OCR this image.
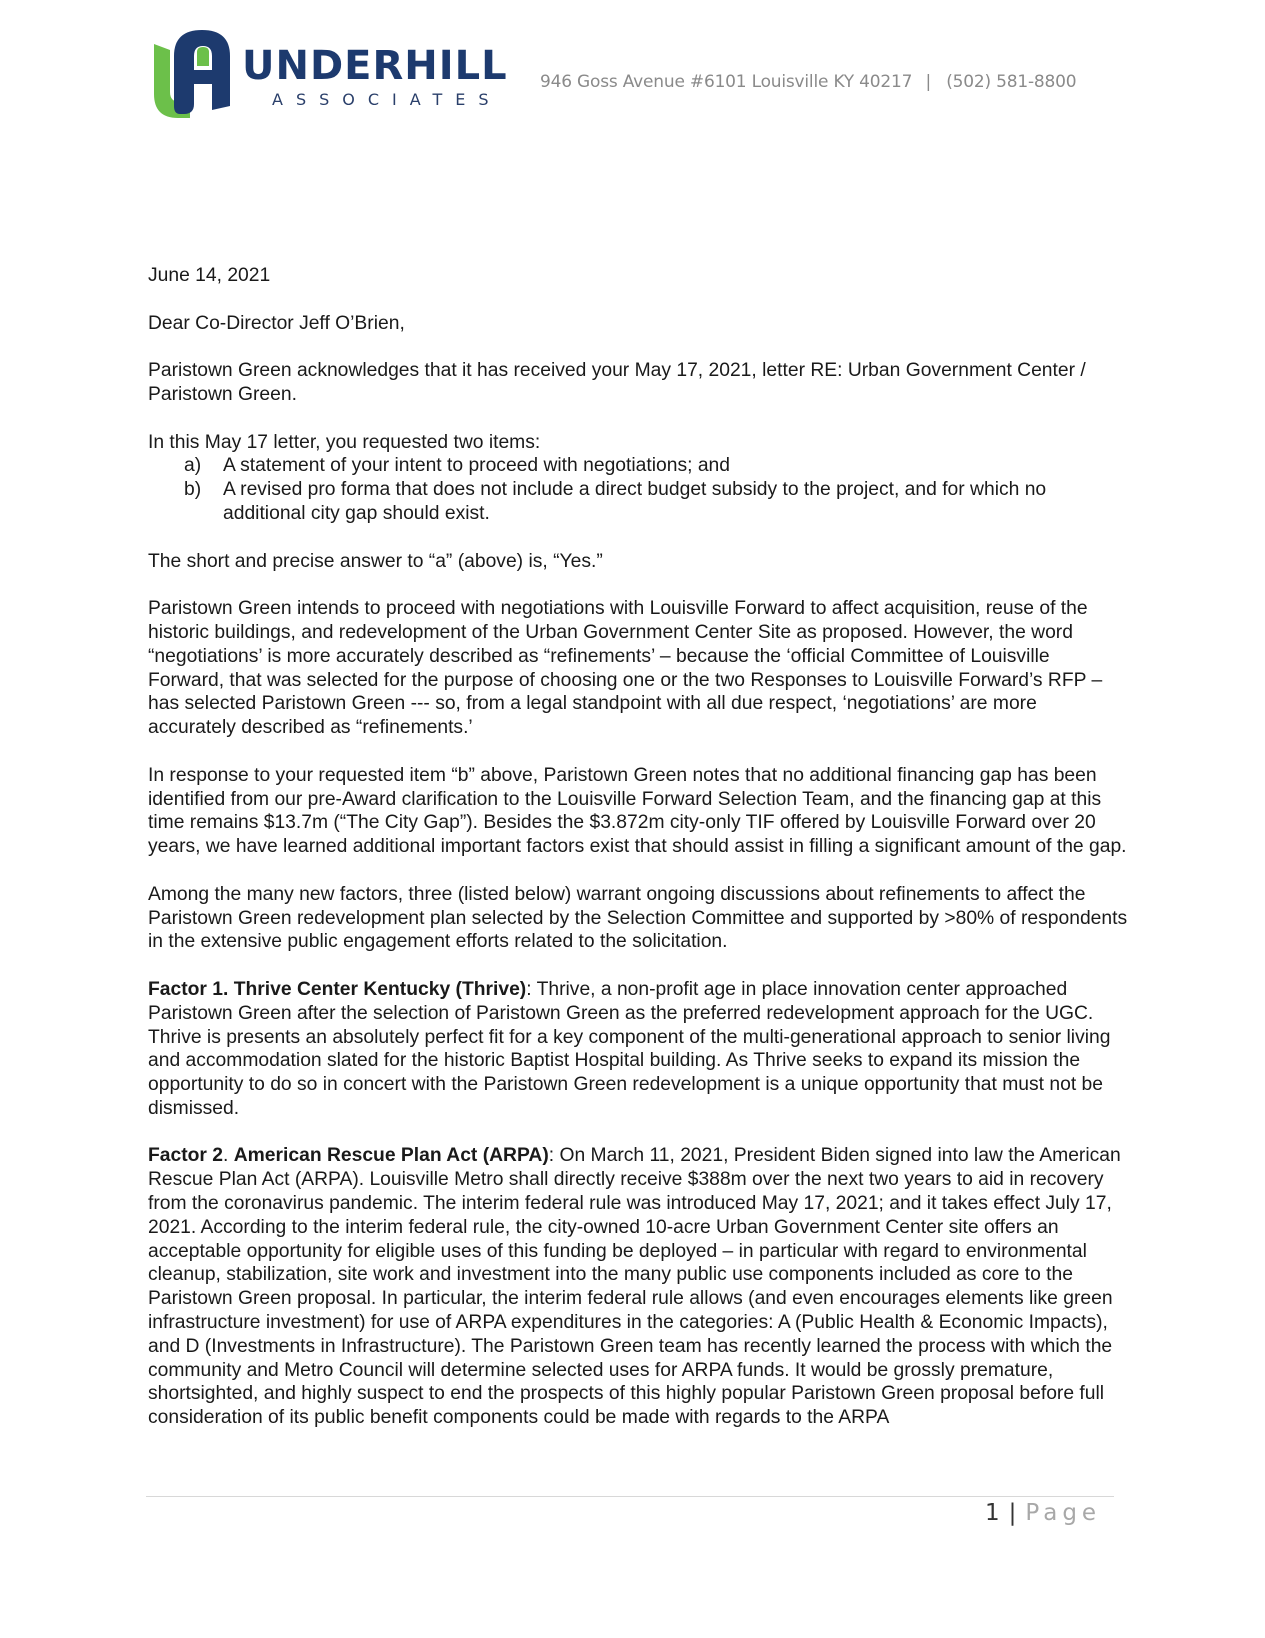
UNDERHILL
ASSOCIATES
946 Goss Avenue #6101 Louisville KY 40217 | (502) 581-8800

June 14, 2021

Dear Co-Director Jeff O’Brien,

Paristown Green acknowledges that it has received your May 17, 2021, letter RE: Urban Government Center / Paristown Green.

In this May 17 letter, you requested two items:

a) A statement of your intent to proceed with negotiations; and
b) A revised pro forma that does not include a direct budget subsidy to the project, and for which no additional city gap should exist.

The short and precise answer to “a” (above) is, “Yes.”

Paristown Green intends to proceed with negotiations with Louisville Forward to affect acquisition, reuse of the historic buildings, and redevelopment of the Urban Government Center Site as proposed. However, the word “negotiations’ is more accurately described as “refinements’ – because the ‘official Committee of Louisville Forward, that was selected for the purpose of choosing one or the two Responses to Louisville Forward’s RFP – has selected Paristown Green --- so, from a legal standpoint with all due respect, ‘negotiations’ are more accurately described as “refinements.’

In response to your requested item “b” above, Paristown Green notes that no additional financing gap has been identified from our pre-Award clarification to the Louisville Forward Selection Team, and the financing gap at this time remains $13.7m (“The City Gap”). Besides the $3.872m city-only TIF offered by Louisville Forward over 20 years, we have learned additional important factors exist that should assist in filling a significant amount of the gap.

Among the many new factors, three (listed below) warrant ongoing discussions about refinements to affect the Paristown Green redevelopment plan selected by the Selection Committee and supported by >80% of respondents in the extensive public engagement efforts related to the solicitation.

Factor 1. Thrive Center Kentucky (Thrive): Thrive, a non-profit age in place innovation center approached Paristown Green after the selection of Paristown Green as the preferred redevelopment approach for the UGC. Thrive is presents an absolutely perfect fit for a key component of the multi-generational approach to senior living and accommodation slated for the historic Baptist Hospital building. As Thrive seeks to expand its mission the opportunity to do so in concert with the Paristown Green redevelopment is a unique opportunity that must not be dismissed.

Factor 2. American Rescue Plan Act (ARPA): On March 11, 2021, President Biden signed into law the American Rescue Plan Act (ARPA). Louisville Metro shall directly receive $388m over the next two years to aid in recovery from the coronavirus pandemic. The interim federal rule was introduced May 17, 2021; and it takes effect July 17, 2021. According to the interim federal rule, the city-owned 10-acre Urban Government Center site offers an acceptable opportunity for eligible uses of this funding be deployed – in particular with regard to environmental cleanup, stabilization, site work and investment into the many public use components included as core to the Paristown Green proposal. In particular, the interim federal rule allows (and even encourages elements like green infrastructure investment) for use of ARPA expenditures in the categories: A (Public Health & Economic Impacts), and D (Investments in Infrastructure). The Paristown Green team has recently learned the process with which the community and Metro Council will determine selected uses for ARPA funds. It would be grossly premature, shortsighted, and highly suspect to end the prospects of this highly popular Paristown Green proposal before full consideration of its public benefit components could be made with regards to the ARPA

1 | Page
